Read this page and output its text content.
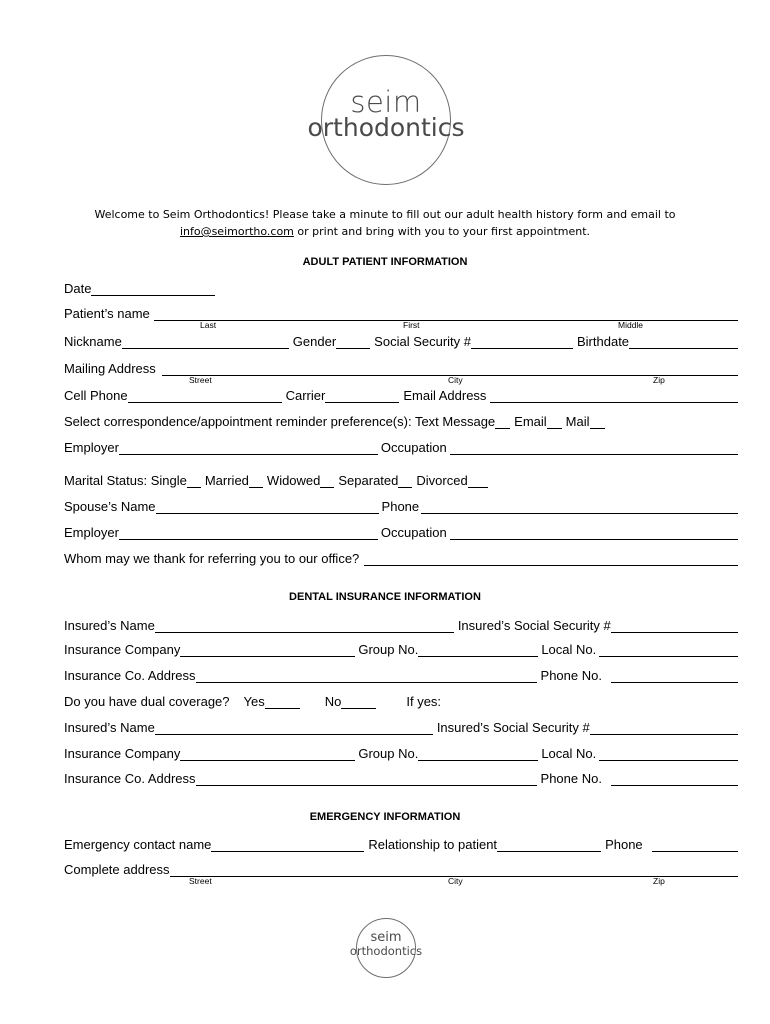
seim
orthodontics
Welcome to Seim Orthodontics! Please take a minute to fill out our adult health history form and email to
info@seimortho.com or print and bring with you to your first appointment.
ADULT PATIENT INFORMATION
Date
Patient’s name
Last	First	Middle
Nickname	Gender	Social Security #	Birthdate
Mailing Address
Street	City	Zip
Cell Phone	Carrier	Email Address
Select correspondence/appointment reminder preference(s): Text Message Email Mail
Employer	Occupation
Marital Status: Single Married Widowed Separated Divorced
Spouse’s Name	Phone
Employer	Occupation
Whom may we thank for referring you to our office?
DENTAL INSURANCE INFORMATION
Insured’s Name	Insured’s Social Security #
Insurance Company	Group No.	Local No.
Insurance Co. Address	Phone No.
Do you have dual coverage? Yes	No	If yes:
Insured’s Name	Insured’s Social Security #
Insurance Company	Group No.	Local No.
Insurance Co. Address	Phone No.
EMERGENCY INFORMATION
Emergency contact name	Relationship to patient	Phone
Complete address
Street	City	Zip
seim
orthodontics
